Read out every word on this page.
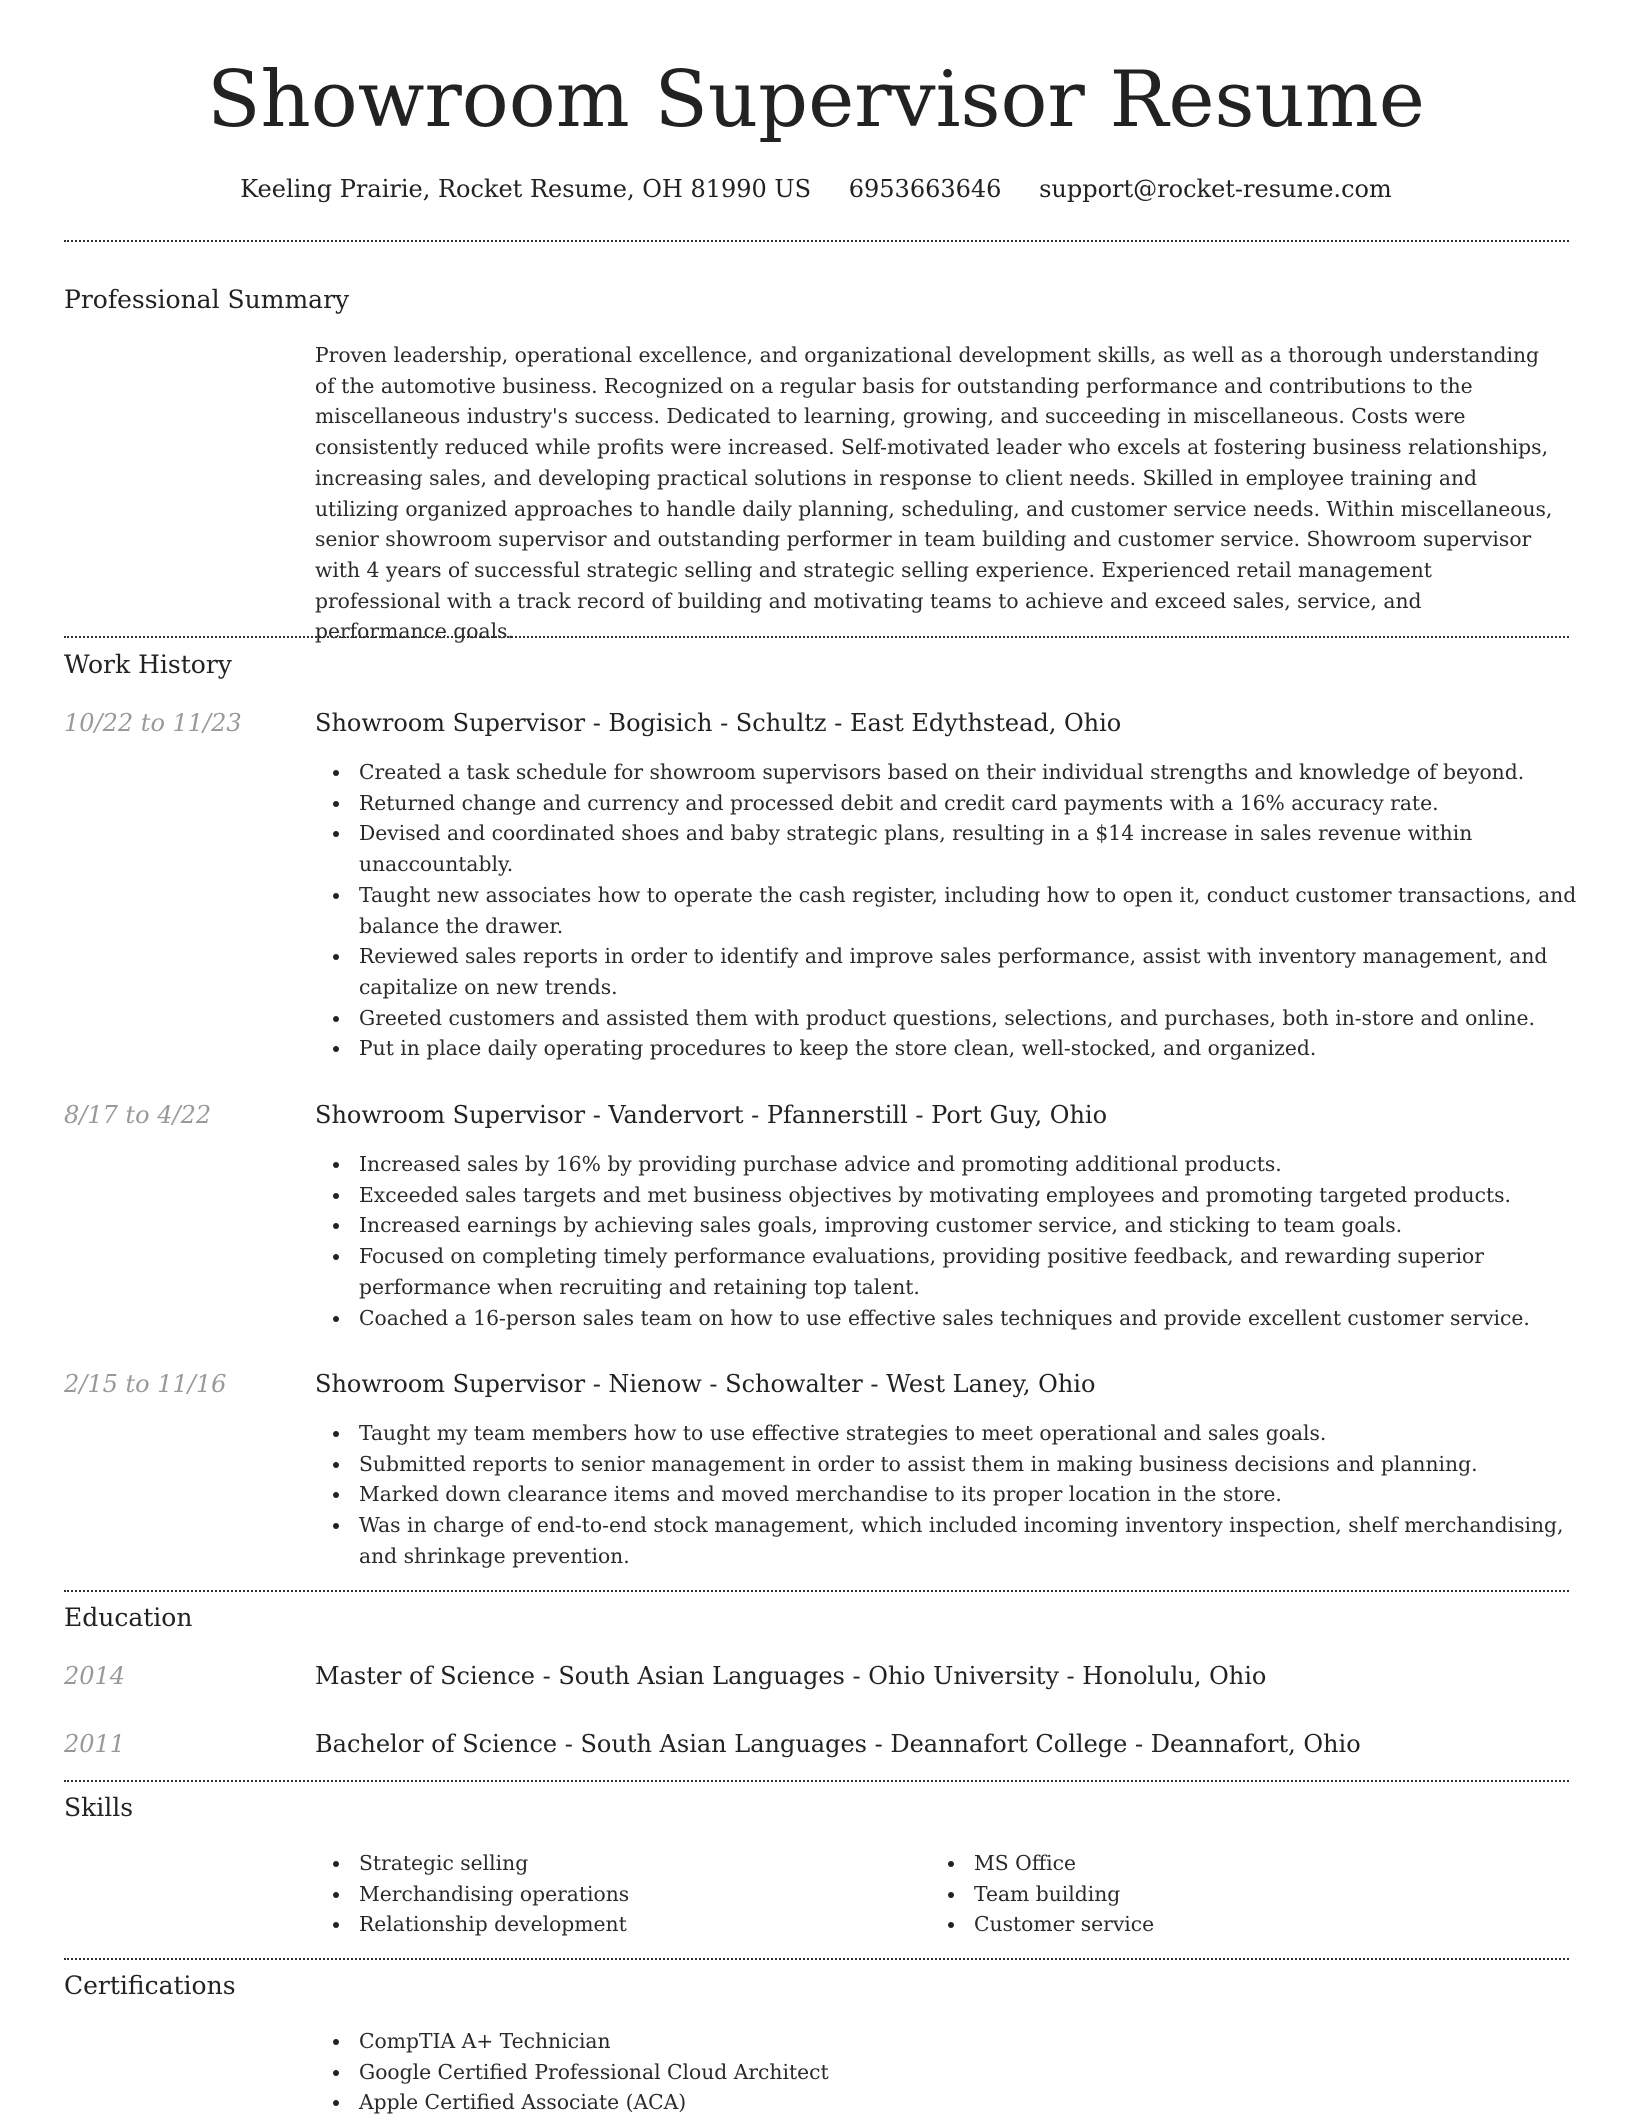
Showroom Supervisor Resume
Keeling Prairie, Rocket Resume, OH 81990 US 6953663646 support@rocket-resume.com
Professional Summary
Proven leadership, operational excellence, and organizational development skills, as well as a thorough understanding of the automotive business. Recognized on a regular basis for outstanding performance and contributions to the miscellaneous industry's success. Dedicated to learning, growing, and succeeding in miscellaneous. Costs were consistently reduced while profits were increased. Self-motivated leader who excels at fostering business relationships, increasing sales, and developing practical solutions in response to client needs. Skilled in employee training and utilizing organized approaches to handle daily planning, scheduling, and customer service needs. Within miscellaneous, senior showroom supervisor and outstanding performer in team building and customer service. Showroom supervisor with 4 years of successful strategic selling and strategic selling experience. Experienced retail management professional with a track record of building and motivating teams to achieve and exceed sales, service, and performance goals.
Work History
10/22 to 11/23	Showroom Supervisor - Bogisich - Schultz - East Edythstead, Ohio
Created a task schedule for showroom supervisors based on their individual strengths and knowledge of beyond.
Returned change and currency and processed debit and credit card payments with a 16% accuracy rate.
Devised and coordinated shoes and baby strategic plans, resulting in a $14 increase in sales revenue within unaccountably.
Taught new associates how to operate the cash register, including how to open it, conduct customer transactions, and balance the drawer.
Reviewed sales reports in order to identify and improve sales performance, assist with inventory management, and capitalize on new trends.
Greeted customers and assisted them with product questions, selections, and purchases, both in-store and online.
Put in place daily operating procedures to keep the store clean, well-stocked, and organized.
8/17 to 4/22	Showroom Supervisor - Vandervort - Pfannerstill - Port Guy, Ohio
Increased sales by 16% by providing purchase advice and promoting additional products.
Exceeded sales targets and met business objectives by motivating employees and promoting targeted products.
Increased earnings by achieving sales goals, improving customer service, and sticking to team goals.
Focused on completing timely performance evaluations, providing positive feedback, and rewarding superior performance when recruiting and retaining top talent.
Coached a 16-person sales team on how to use effective sales techniques and provide excellent customer service.
2/15 to 11/16	Showroom Supervisor - Nienow - Schowalter - West Laney, Ohio
Taught my team members how to use effective strategies to meet operational and sales goals.
Submitted reports to senior management in order to assist them in making business decisions and planning.
Marked down clearance items and moved merchandise to its proper location in the store.
Was in charge of end-to-end stock management, which included incoming inventory inspection, shelf merchandising, and shrinkage prevention.
Education
2014	Master of Science - South Asian Languages - Ohio University - Honolulu, Ohio
2011	Bachelor of Science - South Asian Languages - Deannafort College - Deannafort, Ohio
Skills
Strategic selling
Merchandising operations
Relationship development
MS Office
Team building
Customer service
Certifications
CompTIA A+ Technician
Google Certified Professional Cloud Architect
Apple Certified Associate (ACA)
